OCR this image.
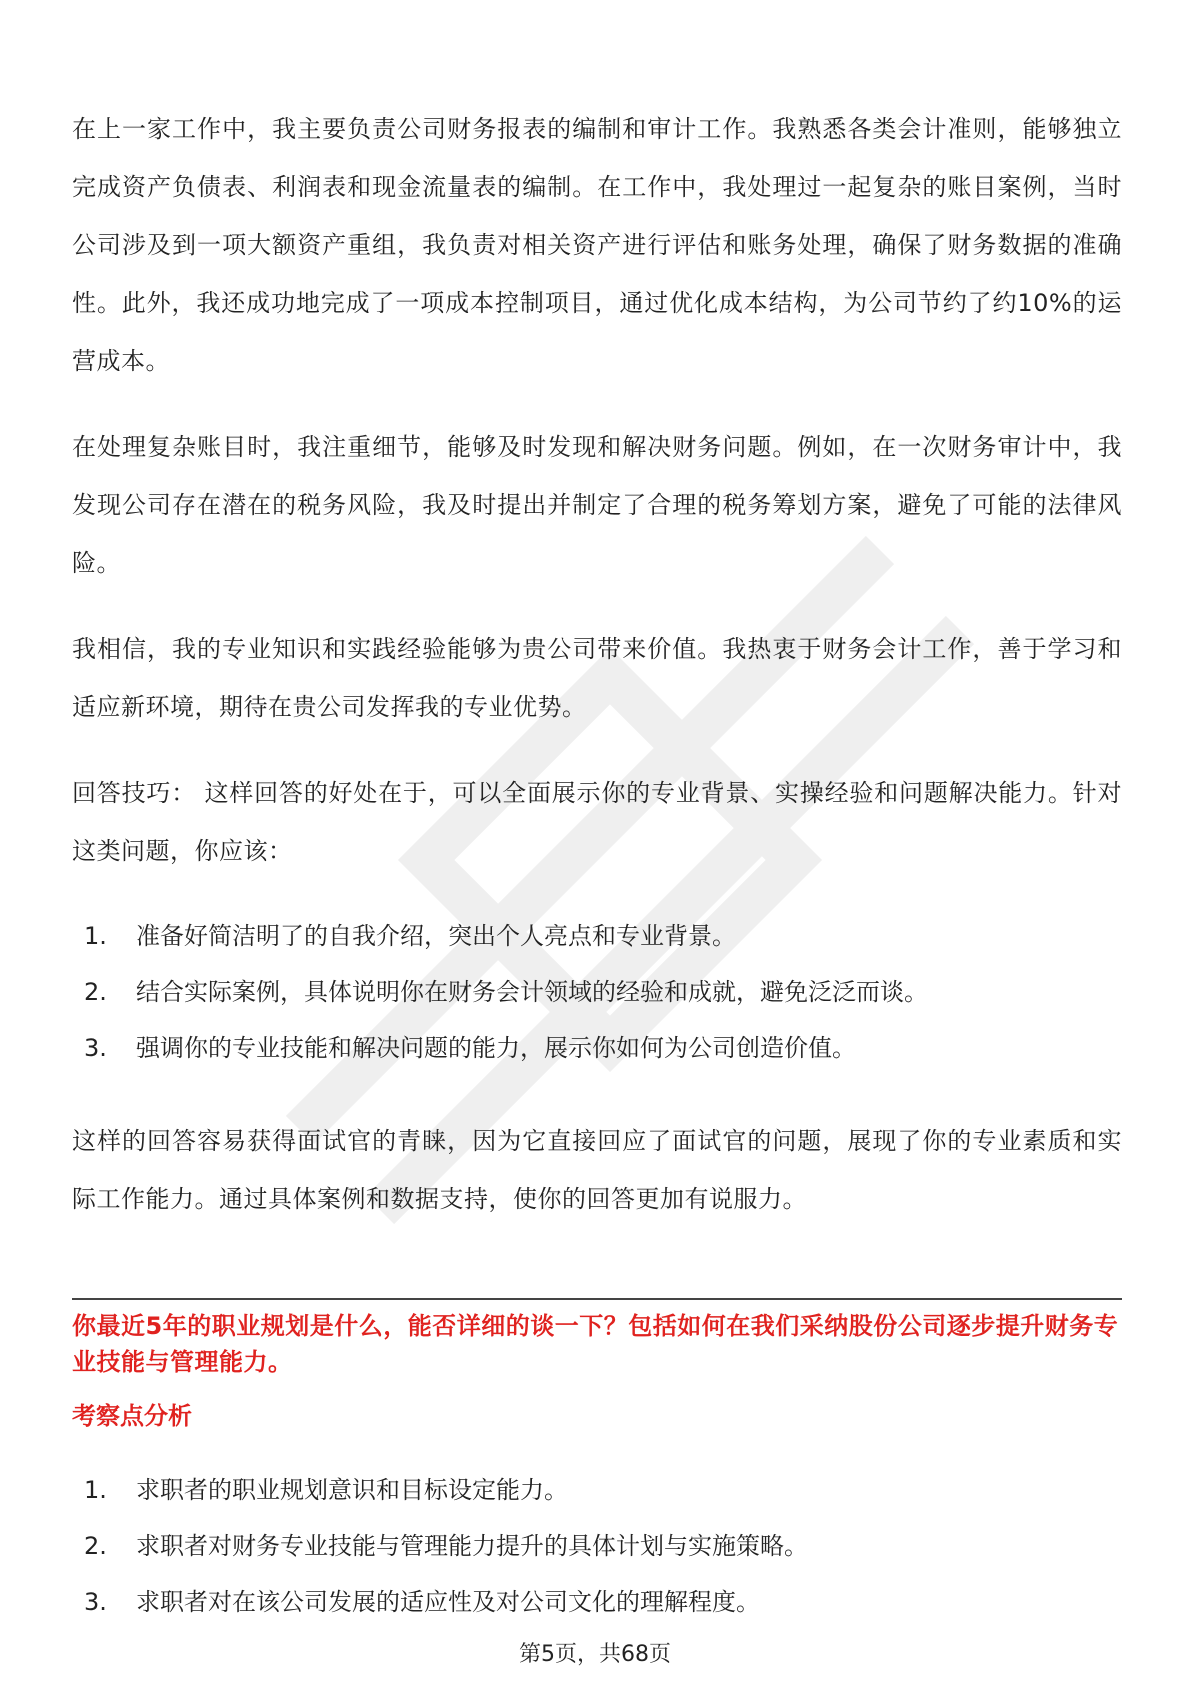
在上一家工作中，我主要负责公司财务报表的编制和审计工作。我熟悉各类会计准则，能够独立完成资产负债表、利润表和现金流量表的编制。在工作中，我处理过一起复杂的账目案例，当时公司涉及到一项大额资产重组，我负责对相关资产进行评估和账务处理，确保了财务数据的准确性。此外，我还成功地完成了一项成本控制项目，通过优化成本结构，为公司节约了约10%的运营成本。

在处理复杂账目时，我注重细节，能够及时发现和解决财务问题。例如，在一次财务审计中，我发现公司存在潜在的税务风险，我及时提出并制定了合理的税务筹划方案，避免了可能的法律风险。

我相信，我的专业知识和实践经验能够为贵公司带来价值。我热衷于财务会计工作，善于学习和适应新环境，期待在贵公司发挥我的专业优势。

回答技巧： 这样回答的好处在于，可以全面展示你的专业背景、实操经验和问题解决能力。针对这类问题，你应该：

1.	准备好简洁明了的自我介绍，突出个人亮点和专业背景。
2.	结合实际案例，具体说明你在财务会计领域的经验和成就，避免泛泛而谈。
3.	强调你的专业技能和解决问题的能力，展示你如何为公司创造价值。

这样的回答容易获得面试官的青睐，因为它直接回应了面试官的问题，展现了你的专业素质和实际工作能力。通过具体案例和数据支持，使你的回答更加有说服力。

你最近5年的职业规划是什么，能否详细的谈一下？包括如何在我们采纳股份公司逐步提升财务专业技能与管理能力。
考察点分析
1.	求职者的职业规划意识和目标设定能力。
2.	求职者对财务专业技能与管理能力提升的具体计划与实施策略。
3.	求职者对在该公司发展的适应性及对公司文化的理解程度。
第5页，共68页
